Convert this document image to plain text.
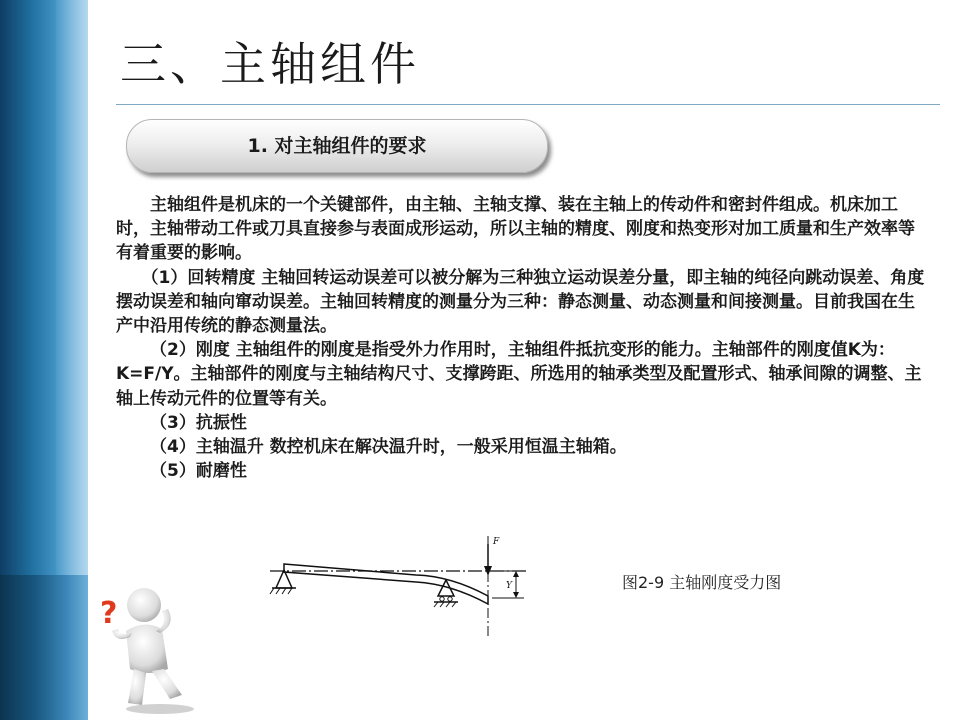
三、主轴组件
1. 对主轴组件的要求

主轴组件是机床的一个关键部件，由主轴、主轴支撑、装在主轴上的传动件和密封件组成。机床加工时，主轴带动工件或刀具直接参与表面成形运动，所以主轴的精度、刚度和热变形对加工质量和生产效率等有着重要的影响。

（1）回转精度 主轴回转运动误差可以被分解为三种独立运动误差分量，即主轴的纯径向跳动误差、角度摆动误差和轴向窜动误差。主轴回转精度的测量分为三种：静态测量、动态测量和间接测量。目前我国在生产中沿用传统的静态测量法。

（2）刚度 主轴组件的刚度是指受外力作用时，主轴组件抵抗变形的能力。主轴部件的刚度值K为：K=F/Y。主轴部件的刚度与主轴结构尺寸、支撑跨距、所选用的轴承类型及配置形式、轴承间隙的调整、主轴上传动元件的位置等有关。

（3）抗振性

（4）主轴温升 数控机床在解决温升时，一般采用恒温主轴箱。

（5）耐磨性

F
Y	图2-9 主轴刚度受力图
?
